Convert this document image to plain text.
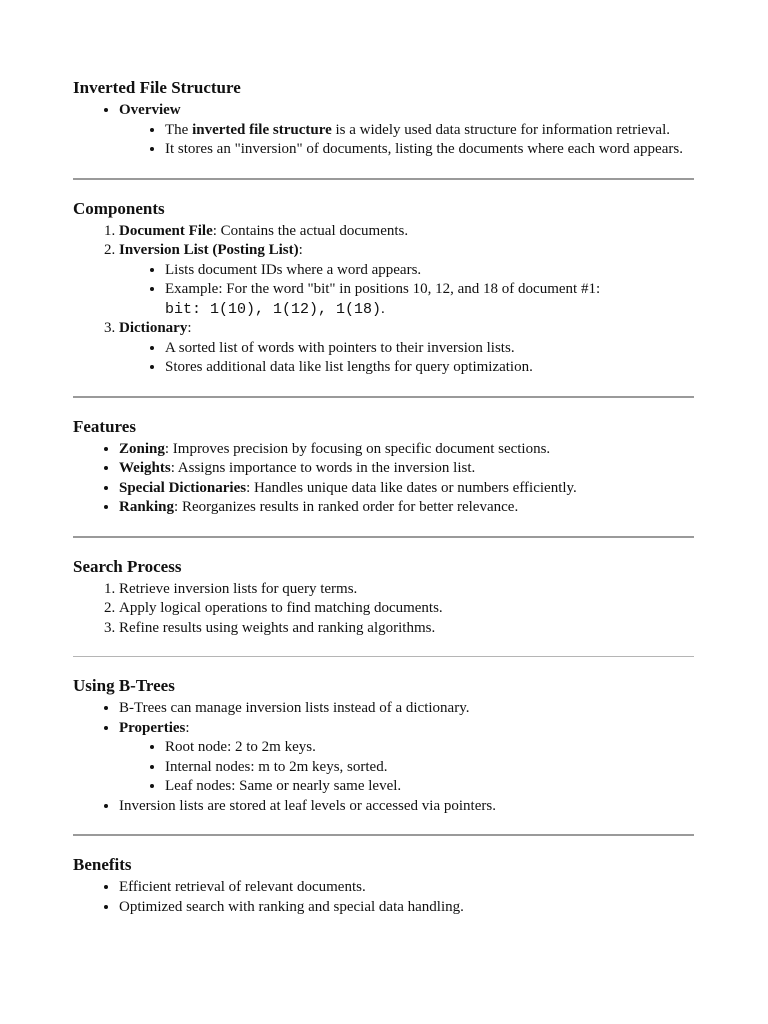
Inverted File Structure
• Overview
• The inverted file structure is a widely used data structure for information retrieval.
• It stores an "inversion" of documents, listing the documents where each word appears.
Components
1. Document File: Contains the actual documents.
2. Inversion List (Posting List):
• Lists document IDs where a word appears.
• Example: For the word "bit" in positions 10, 12, and 18 of document #1:
bit: 1(10), 1(12), 1(18).
3. Dictionary:
• A sorted list of words with pointers to their inversion lists.
• Stores additional data like list lengths for query optimization.
Features
• Zoning: Improves precision by focusing on specific document sections.
• Weights: Assigns importance to words in the inversion list.
• Special Dictionaries: Handles unique data like dates or numbers efficiently.
• Ranking: Reorganizes results in ranked order for better relevance.
Search Process
1. Retrieve inversion lists for query terms.
2. Apply logical operations to find matching documents.
3. Refine results using weights and ranking algorithms.
Using B-Trees
• B-Trees can manage inversion lists instead of a dictionary.
• Properties:
• Root node: 2 to 2m keys.
• Internal nodes: m to 2m keys, sorted.
• Leaf nodes: Same or nearly same level.
• Inversion lists are stored at leaf levels or accessed via pointers.
Benefits
• Efficient retrieval of relevant documents.
• Optimized search with ranking and special data handling.
